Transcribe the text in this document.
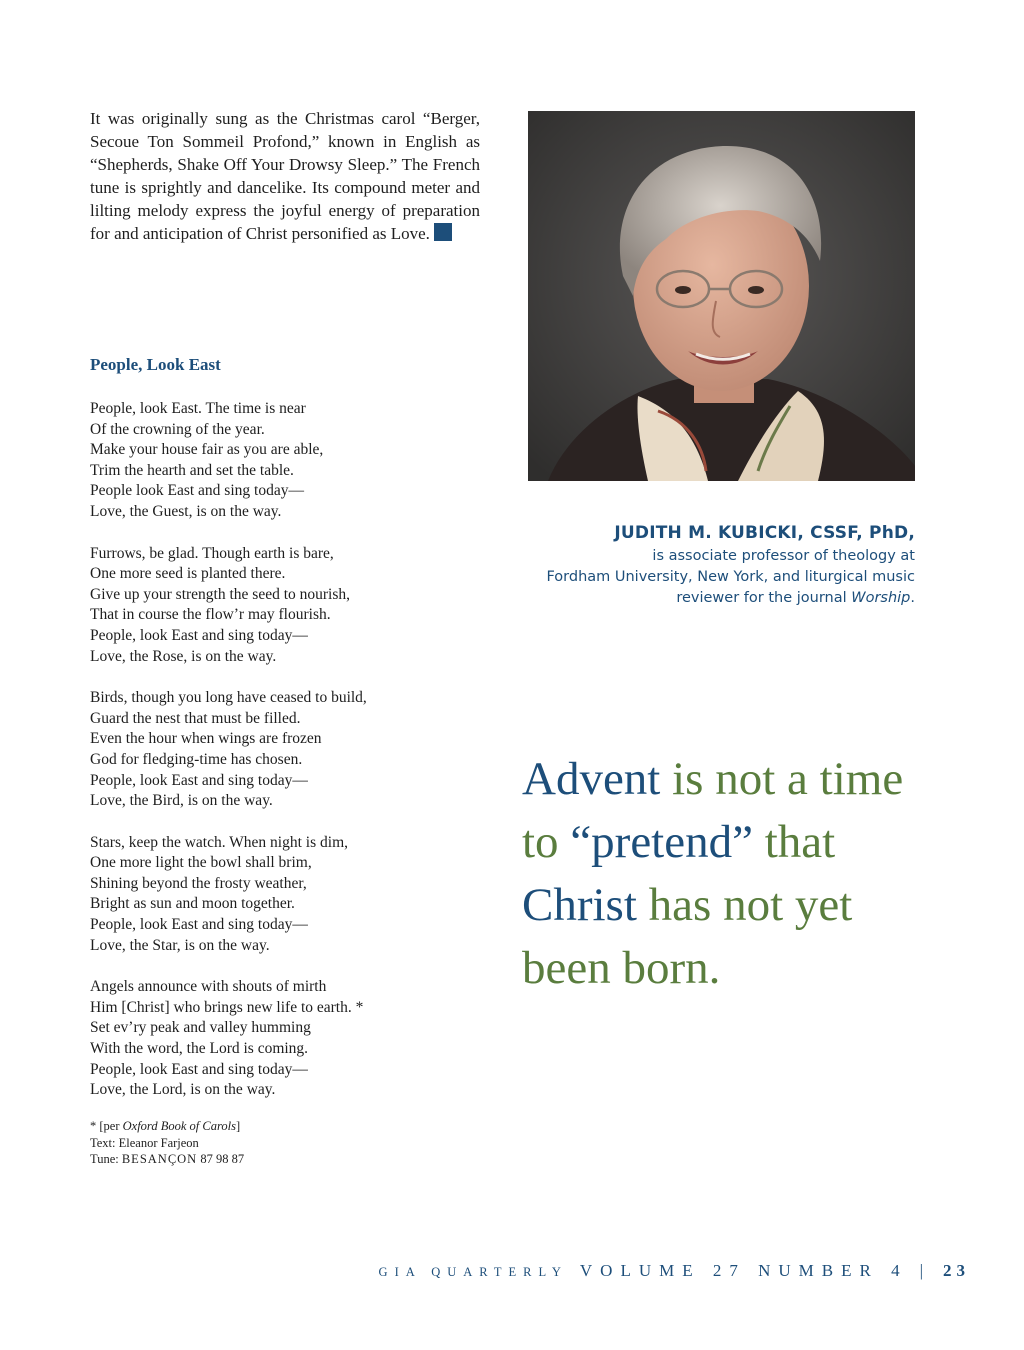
It was originally sung as the Christmas carol “Berger, Secoue Ton Sommeil Profond,” known in English as “Shepherds, Shake Off Your Drowsy Sleep.” The French tune is sprightly and dancelike. Its compound meter and lilting melody express the joyful energy of preparation for and anticipation of Christ personified as Love.

People, Look East
People, look East. The time is near
Of the crowning of the year.
Make your house fair as you are able,
Trim the hearth and set the table.
People look East and sing today—
Love, the Guest, is on the way.
Furrows, be glad. Though earth is bare,
One more seed is planted there.
Give up your strength the seed to nourish,
That in course the flow’r may flourish.
People, look East and sing today—
Love, the Rose, is on the way.
Birds, though you long have ceased to build,
Guard the nest that must be filled.
Even the hour when wings are frozen
God for fledging-time has chosen.
People, look East and sing today—
Love, the Bird, is on the way.
Stars, keep the watch. When night is dim,
One more light the bowl shall brim,
Shining beyond the frosty weather,
Bright as sun and moon together.
People, look East and sing today—
Love, the Star, is on the way.
Angels announce with shouts of mirth
Him [Christ] who brings new life to earth. *
Set ev’ry peak and valley humming
With the word, the Lord is coming.
People, look East and sing today—
Love, the Lord, is on the way.
* [per Oxford Book of Carols]
Text: Eleanor Farjeon
Tune: BESANÇON 87 98 87
JUDITH M. KUBICKI, CSSF, PhD,
is associate professor of theology at
Fordham University, New York, and liturgical music
reviewer for the journal Worship.

Advent is not a time to “pretend” that Christ has not yet been born.

GIA QUARTERLY VOLUME 27 NUMBER 4 | 23
